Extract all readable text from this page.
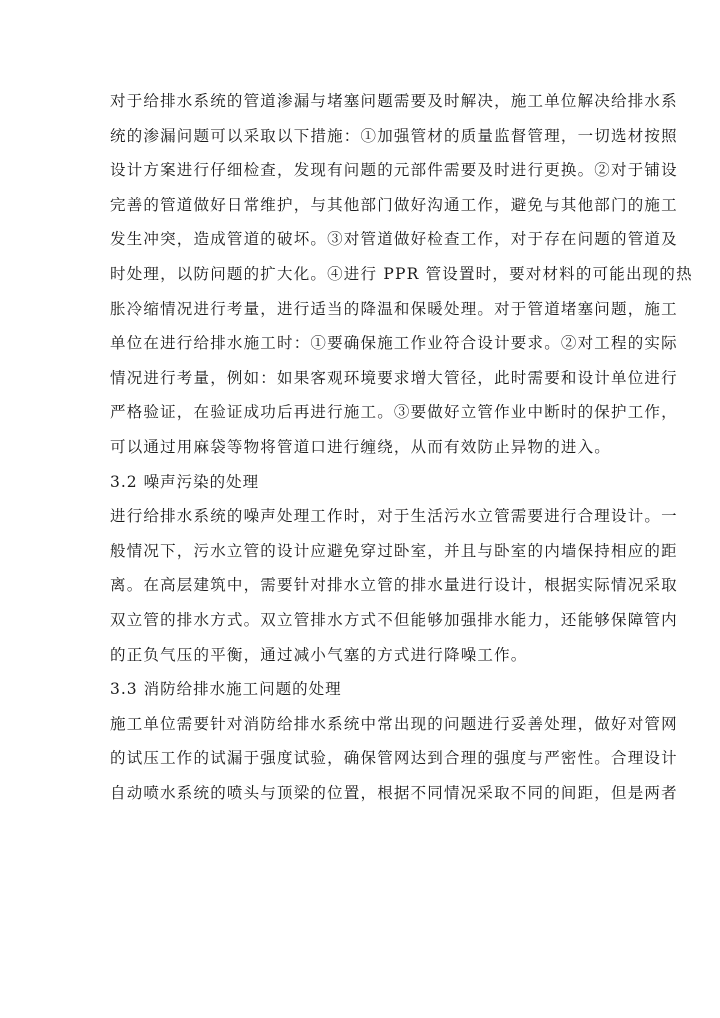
对于给排水系统的管道渗漏与堵塞问题需要及时解决，施工单位解决给排水系
统的渗漏问题可以采取以下措施：①加强管材的质量监督管理，一切选材按照
设计方案进行仔细检查，发现有问题的元部件需要及时进行更换。②对于铺设
完善的管道做好日常维护，与其他部门做好沟通工作，避免与其他部门的施工
发生冲突，造成管道的破坏。③对管道做好检查工作，对于存在问题的管道及
时处理，以防问题的扩大化。④进行 PPR 管设置时，要对材料的可能出现的热
胀冷缩情况进行考量，进行适当的降温和保暖处理。对于管道堵塞问题，施工
单位在进行给排水施工时：①要确保施工作业符合设计要求。②对工程的实际
情况进行考量，例如：如果客观环境要求增大管径，此时需要和设计单位进行
严格验证，在验证成功后再进行施工。③要做好立管作业中断时的保护工作，
可以通过用麻袋等物将管道口进行缠绕，从而有效防止异物的进入。
3.2 噪声污染的处理
进行给排水系统的噪声处理工作时，对于生活污水立管需要进行合理设计。一
般情况下，污水立管的设计应避免穿过卧室，并且与卧室的内墙保持相应的距
离。在高层建筑中，需要针对排水立管的排水量进行设计，根据实际情况采取
双立管的排水方式。双立管排水方式不但能够加强排水能力，还能够保障管内
的正负气压的平衡，通过减小气塞的方式进行降噪工作。
3.3 消防给排水施工问题的处理
施工单位需要针对消防给排水系统中常出现的问题进行妥善处理，做好对管网
的试压工作的试漏于强度试验，确保管网达到合理的强度与严密性。合理设计
自动喷水系统的喷头与顶梁的位置，根据不同情况采取不同的间距，但是两者
